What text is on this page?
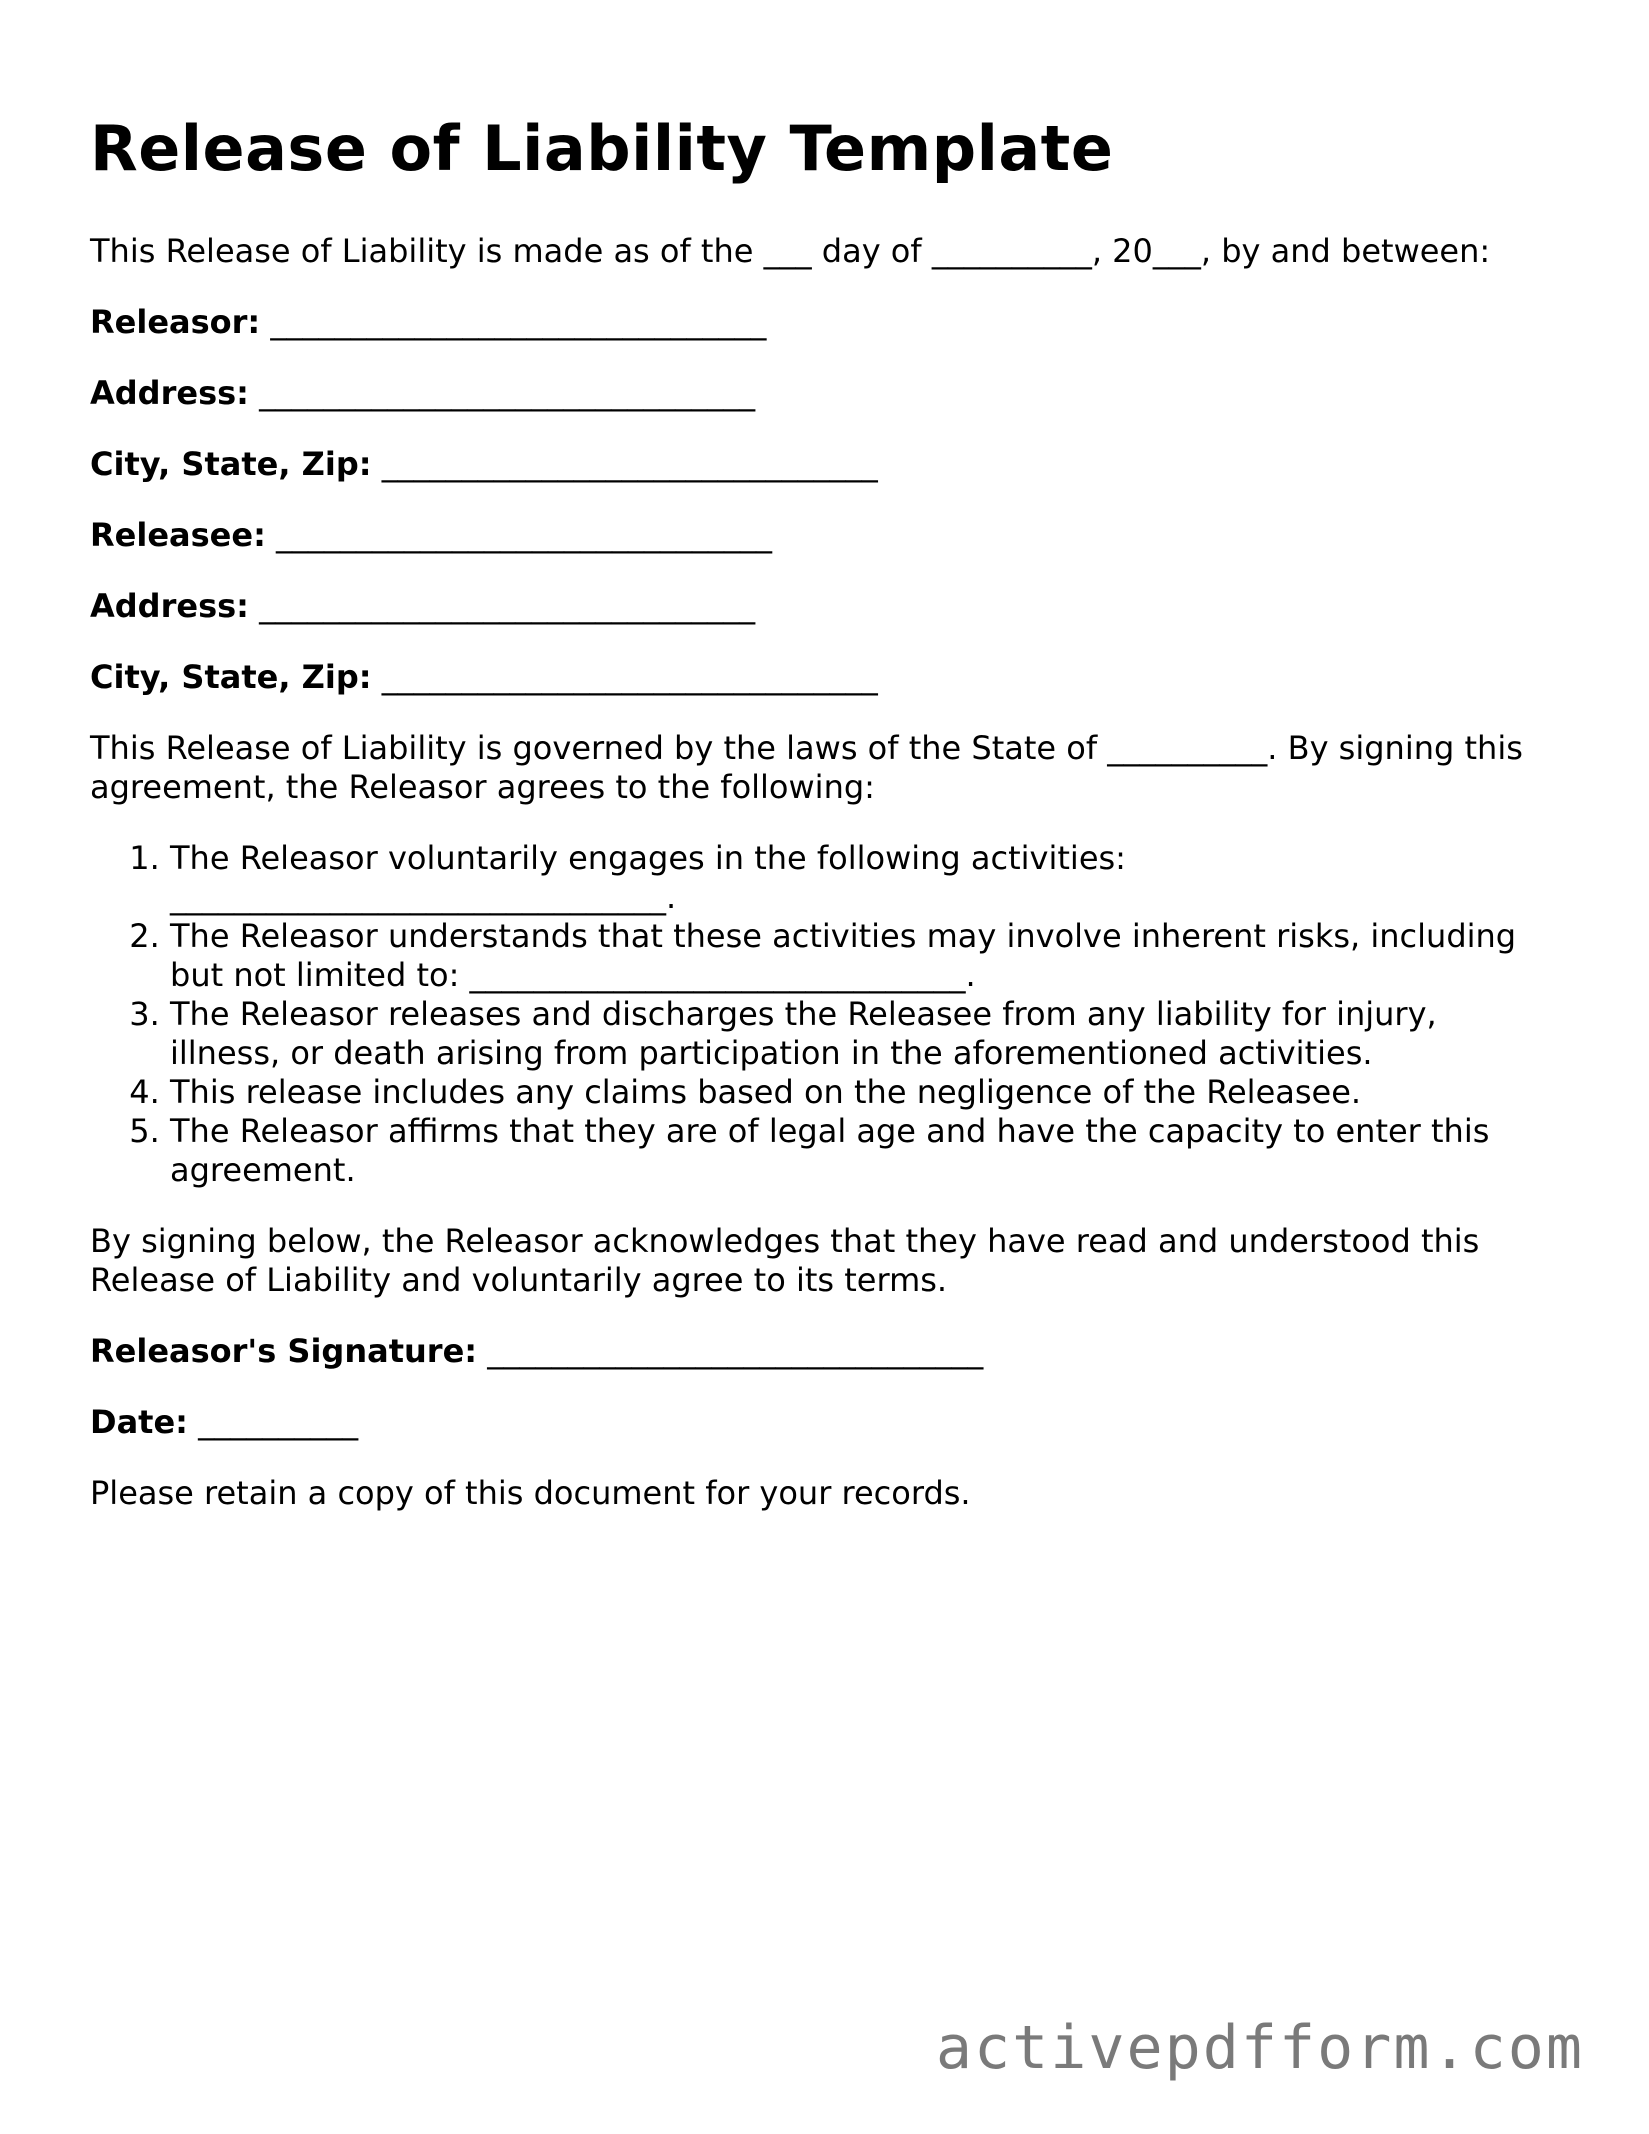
Release of Liability Template

This Release of Liability is made as of the ___ day of __________, 20___, by and between:

Releasor: _______________________________

Address: _______________________________

City, State, Zip: _______________________________

Releasee: _______________________________

Address: _______________________________

City, State, Zip: _______________________________

This Release of Liability is governed by the laws of the State of __________. By signing this agreement, the Releasor agrees to the following:

1. The Releasor voluntarily engages in the following activities: _______________________________.
2. The Releasor understands that these activities may involve inherent risks, including but not limited to: _______________________________.
3. The Releasor releases and discharges the Releasee from any liability for injury, illness, or death arising from participation in the aforementioned activities.
4. This release includes any claims based on the negligence of the Releasee.
5. The Releasor affirms that they are of legal age and have the capacity to enter this agreement.

By signing below, the Releasor acknowledges that they have read and understood this Release of Liability and voluntarily agree to its terms.

Releasor's Signature: _______________________________

Date: __________

Please retain a copy of this document for your records.

activepdfform.com
